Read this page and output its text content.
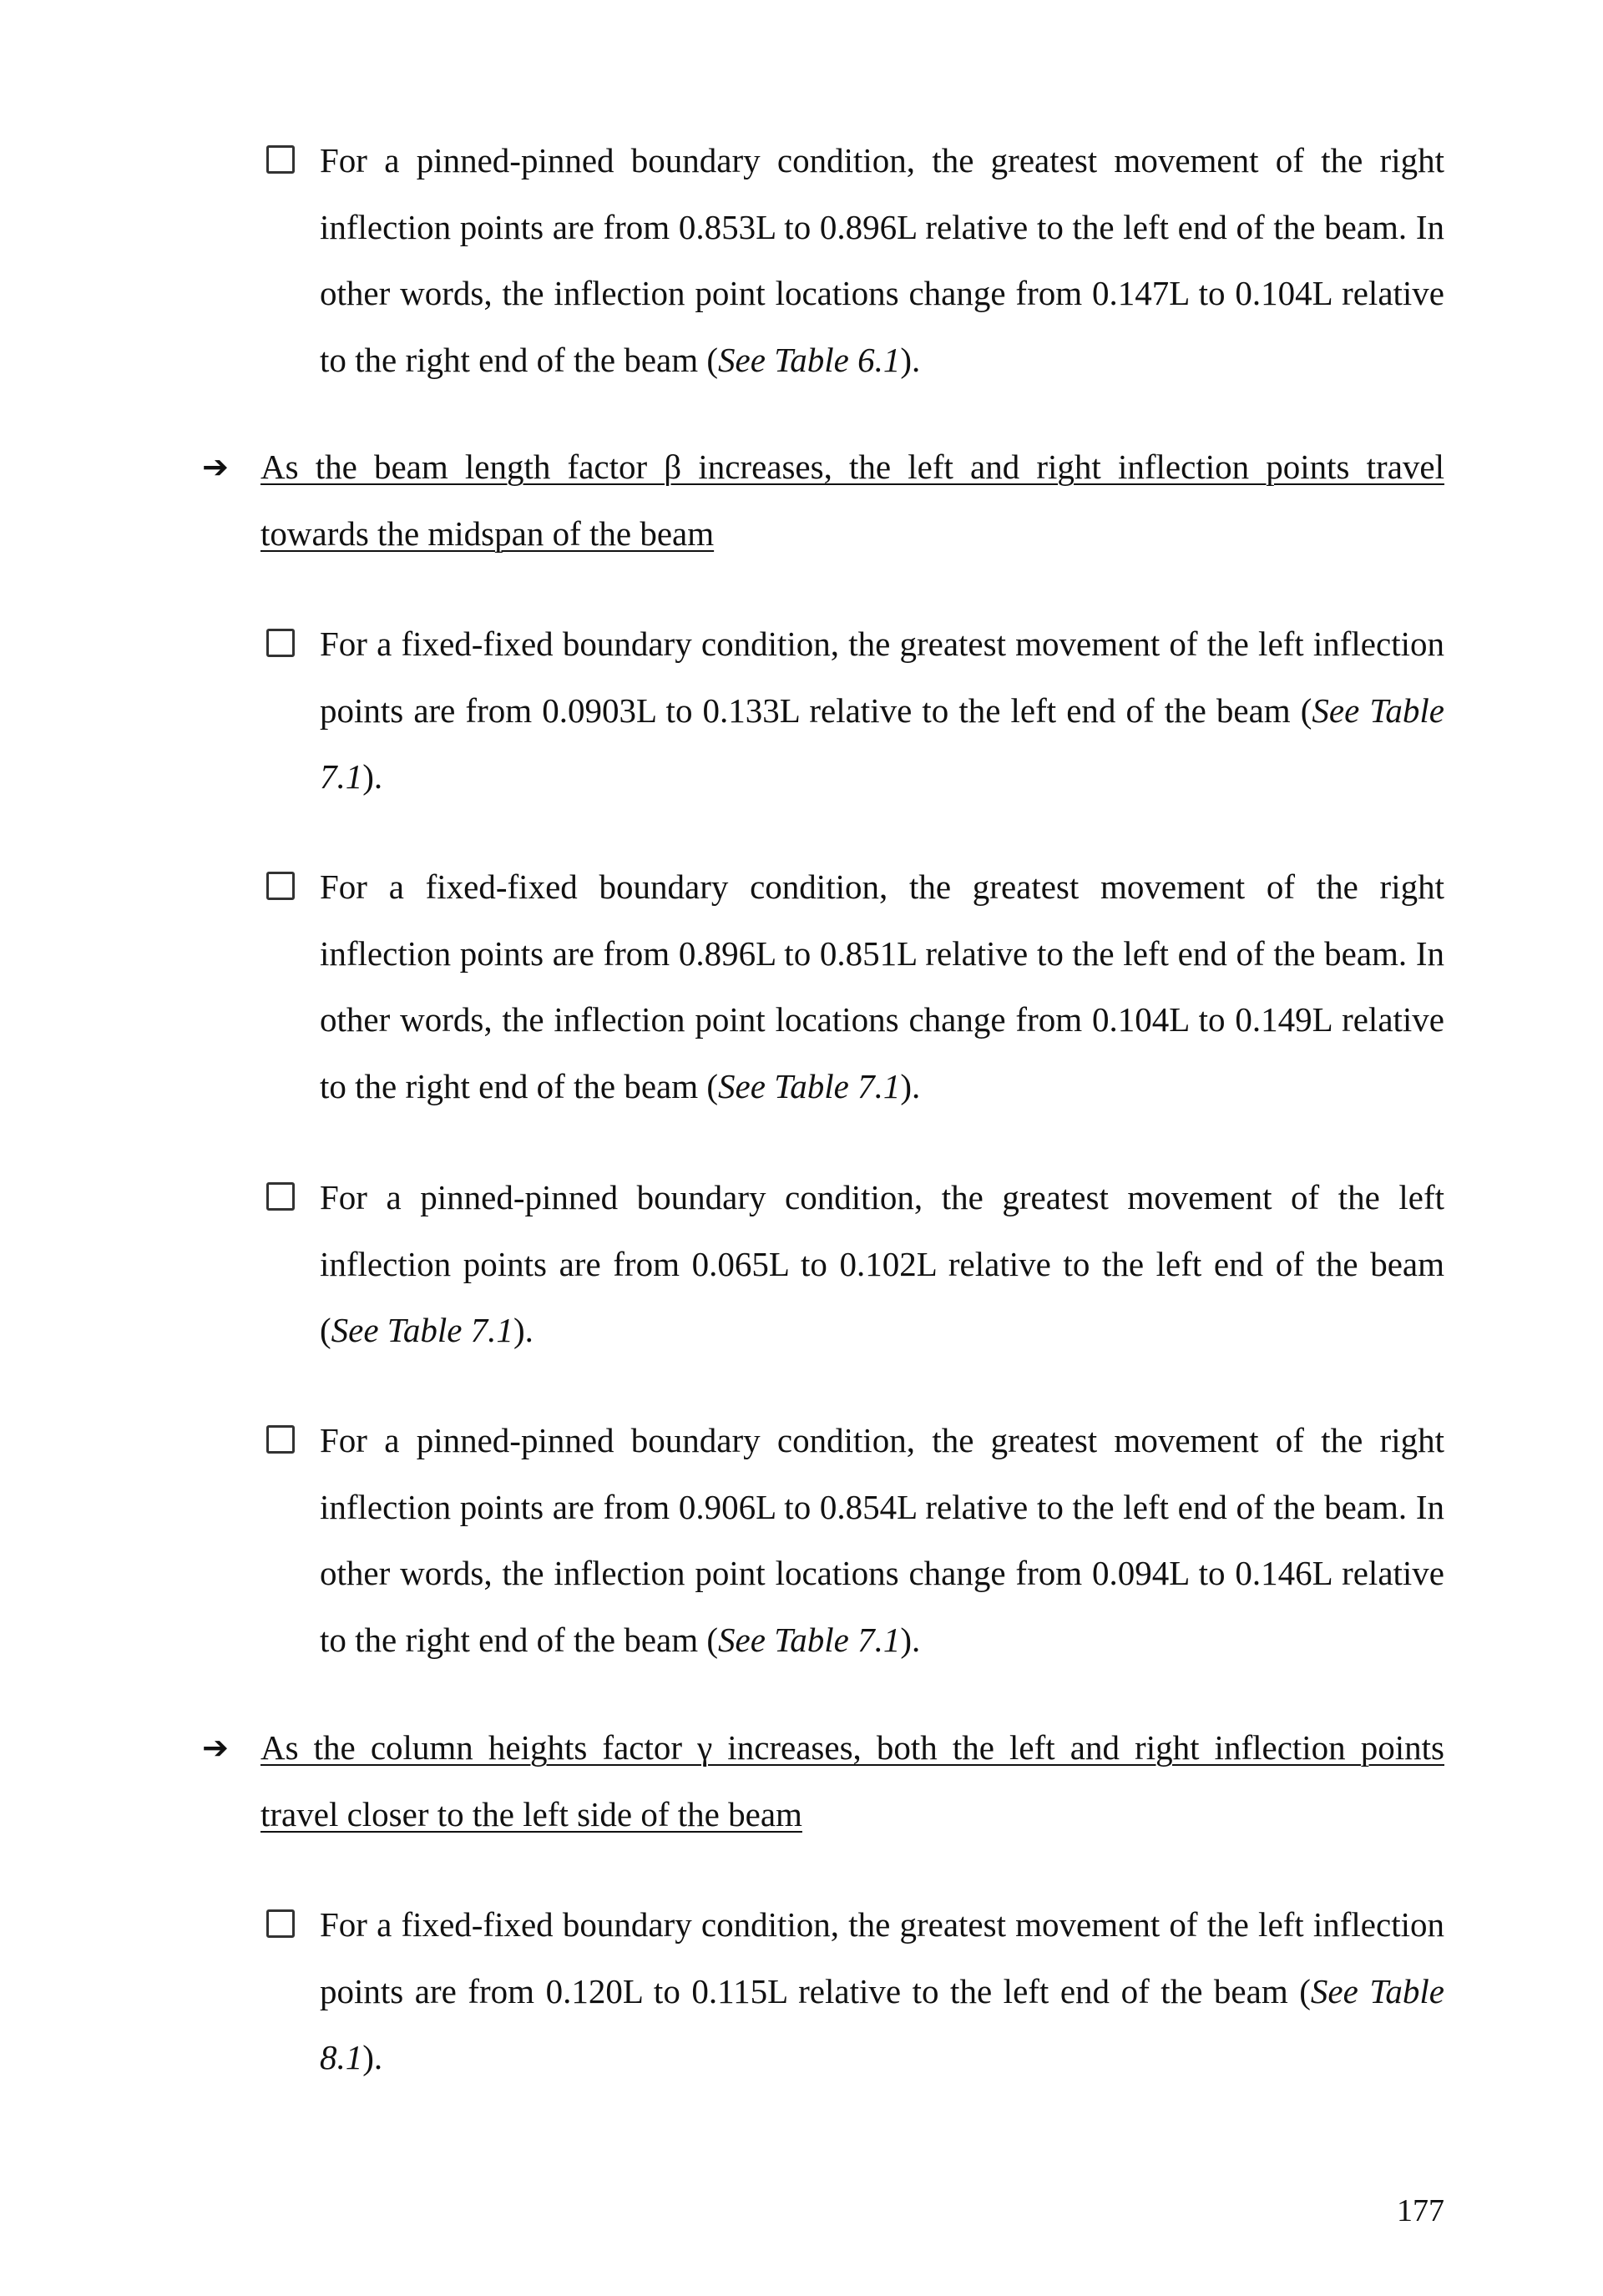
For a pinned-pinned boundary condition, the greatest movement of the right inflection points are from 0.853L to 0.896L relative to the left end of the beam. In other words, the inflection point locations change from 0.147L to 0.104L relative to the right end of the beam (See Table 6.1).

➔ As the beam length factor β increases, the left and right inflection points travel towards the midspan of the beam

For a fixed-fixed boundary condition, the greatest movement of the left inflection points are from 0.0903L to 0.133L relative to the left end of the beam (See Table 7.1).

For a fixed-fixed boundary condition, the greatest movement of the right inflection points are from 0.896L to 0.851L relative to the left end of the beam. In other words, the inflection point locations change from 0.104L to 0.149L relative to the right end of the beam (See Table 7.1).

For a pinned-pinned boundary condition, the greatest movement of the left inflection points are from 0.065L to 0.102L relative to the left end of the beam (See Table 7.1).

For a pinned-pinned boundary condition, the greatest movement of the right inflection points are from 0.906L to 0.854L relative to the left end of the beam. In other words, the inflection point locations change from 0.094L to 0.146L relative to the right end of the beam (See Table 7.1).

➔ As the column heights factor γ increases, both the left and right inflection points travel closer to the left side of the beam

For a fixed-fixed boundary condition, the greatest movement of the left inflection points are from 0.120L to 0.115L relative to the left end of the beam (See Table 8.1).

177
